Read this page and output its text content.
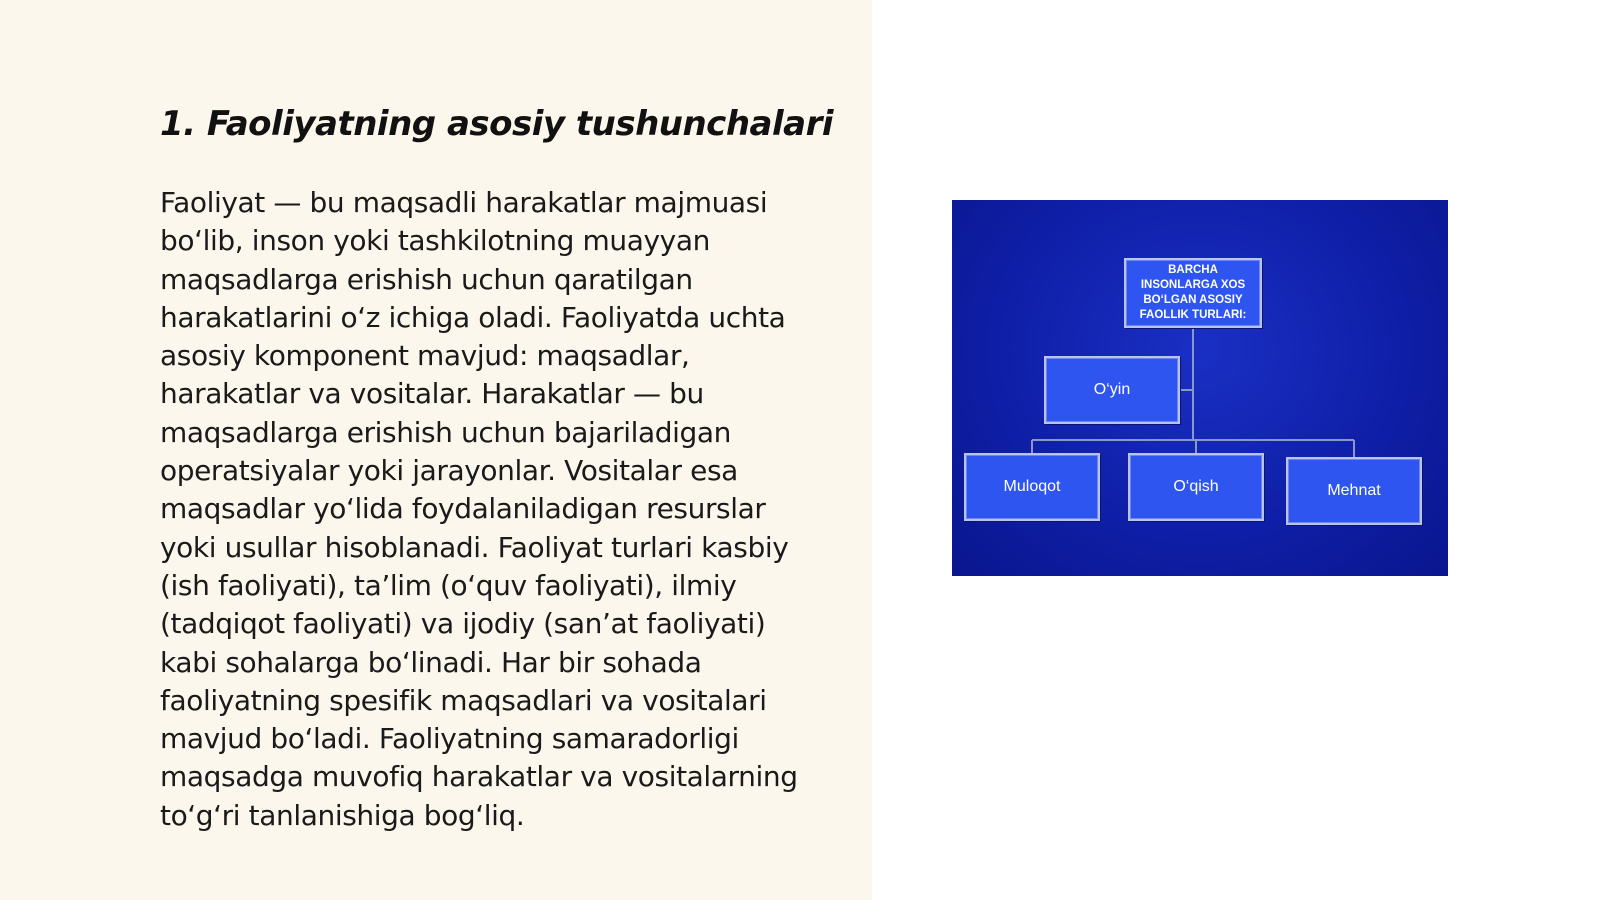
1. Faoliyatning asosiy tushunchalari

Faoliyat — bu maqsadli harakatlar majmuasi bo‘lib, inson yoki tashkilotning muayyan maqsadlarga erishish uchun qaratilgan harakatlarini o‘z ichiga oladi. Faoliyatda uchta asosiy komponent mavjud: maqsadlar, harakatlar va vositalar. Harakatlar — bu maqsadlarga erishish uchun bajariladigan operatsiyalar yoki jarayonlar. Vositalar esa maqsadlar yo‘lida foydalaniladigan resurslar yoki usullar hisoblanadi. Faoliyat turlari kasbiy (ish faoliyati), ta’lim (o‘quv faoliyati), ilmiy (tadqiqot faoliyati) va ijodiy (san’at faoliyati) kabi sohalarga bo‘linadi. Har bir sohada faoliyatning spesifik maqsadlari va vositalari mavjud bo‘ladi. Faoliyatning samaradorligi maqsadga muvofiq harakatlar va vositalarning to‘g‘ri tanlanishiga bog‘liq.

BARCHA INSONLARGA XOS BO‘LGAN ASOSIY FAOLLIK TURLARI:
O‘yin
Muloqot	O‘qish	Mehnat
